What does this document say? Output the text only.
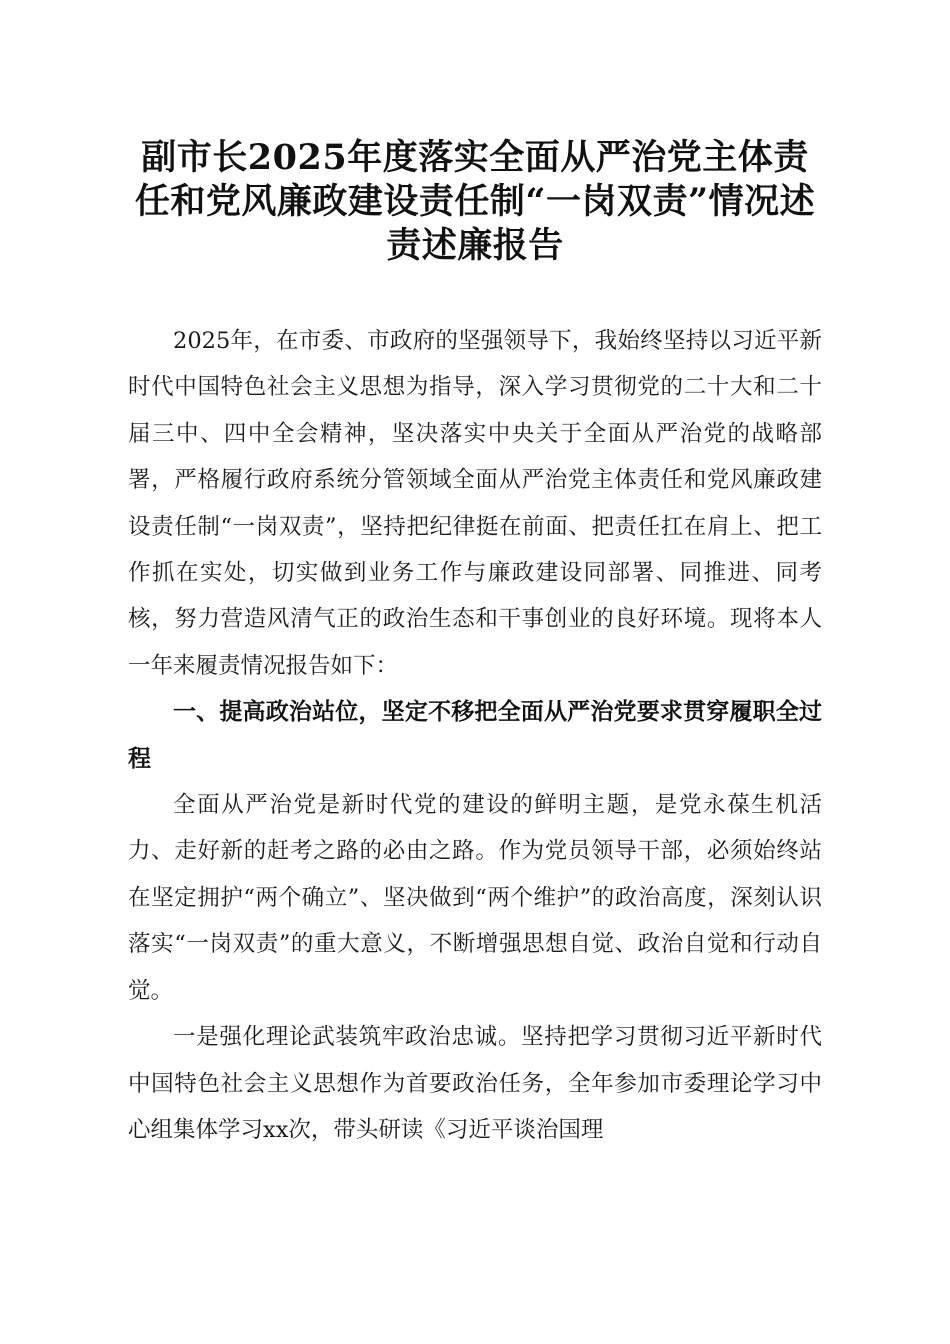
副市长2025年度落实全面从严治党主体责任和党风廉政建设责任制“一岗双责”情况述责述廉报告

2025年，在市委、市政府的坚强领导下，我始终坚持以习近平新时代中国特色社会主义思想为指导，深入学习贯彻党的二十大和二十届三中、四中全会精神，坚决落实中央关于全面从严治党的战略部署，严格履行政府系统分管领域全面从严治党主体责任和党风廉政建设责任制“一岗双责”，坚持把纪律挺在前面、把责任扛在肩上、把工作抓在实处，切实做到业务工作与廉政建设同部署、同推进、同考核，努力营造风清气正的政治生态和干事创业的良好环境。现将本人一年来履责情况报告如下：

一、提高政治站位，坚定不移把全面从严治党要求贯穿履职全过程

全面从严治党是新时代党的建设的鲜明主题，是党永葆生机活力、走好新的赶考之路的必由之路。作为党员领导干部，必须始终站在坚定拥护“两个确立”、坚决做到“两个维护”的政治高度，深刻认识落实“一岗双责”的重大意义，不断增强思想自觉、政治自觉和行动自觉。

一是强化理论武装筑牢政治忠诚。坚持把学习贯彻习近平新时代中国特色社会主义思想作为首要政治任务，全年参加市委理论学习中心组集体学习xx次，带头研读《习近平谈治国理
